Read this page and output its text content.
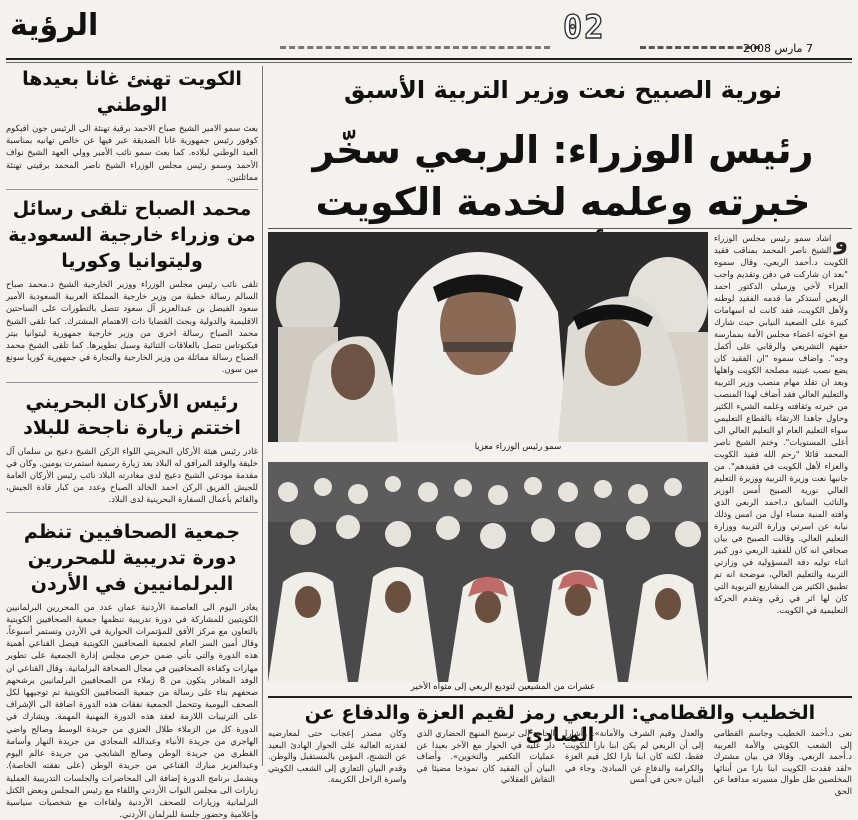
الرؤية	02
7 مارس 2008

الكويت تهنئ غانا بعيدها الوطني

بعث سمو الامير الشيخ صباح الاحمد برقية تهنئة الى الرئيس جون افيكوم كوفور رئيس جمهورية غانا الصديقة عبر فيها عن خالص تهانيه بمناسبة العيد الوطني لبلاده. كما بعث سمو نائب الأمير وولي العهد الشيخ نواف الأحمد وسمو رئيس مجلس الوزراء الشيخ ناصر المحمد برقيتي تهنئة مماثلتين.

محمد الصباح تلقى رسائل من وزراء خارجية السعودية وليتوانيا وكوريا

تلقى نائب رئيس مجلس الوزراء ووزير الخارجية الشيخ د.محمد صباح السالم رسالة خطية من وزير خارجية المملكة العربية السعودية الأمير سعود الفيصل بن عبدالعزيز آل سعود تتصل بالتطورات على الساحتين الاقليمية والدولية وبحث القضايا ذات الاهتمام المشترك. كما تلقى الشيخ محمد الصباح رسالة اخرى من وزير خارجية جمهورية ليتوانيا بيتر فيكتوتاس تتصل بالعلاقات الثنائية وسبل تطويرها. كما تلقى الشيخ محمد الصباح رسالة مماثلة من وزير الخارجية والتجارة في جمهورية كوريا سونغ مين سون.

رئيس الأركان البحريني اختتم زيارة ناجحة للبلاد

غادر رئيس هيئة الأركان البحريني اللواء الركن الشيخ دعيج بن سلمان آل خليفة والوفد المرافق له البلاد بعد زيارة رسمية استمرت يومين. وكان في مقدمة مودعي الشيخ دعيج لدى مغادرته البلاد نائب رئيس الأركان العامة للجيش الفريق الركن احمد الخالد الصباح وعدد من كبار قادة الجيش، والقائم بأعمال السفارة البحرينية لدى البلاد.

جمعية الصحافيين تنظم دورة تدريبية للمحررين البرلمانيين في الأردن

يغادر اليوم الى العاصمة الأردنية عمان عدد من المحررين البرلمانيين الكويتيين للمشاركة في دورة تدريبية تنظمها جمعية الصحافيين الكويتية بالتعاون مع مركز الأفق للمؤتمرات الحوارية في الأردن وتستمر أسبوعاً. وقال أمين السر العام لجمعية الصحافيين الكويتية فيصل القناعي أهمية هذه الدورة والتي تأتي ضمن حرص مجلس إدارة الجمعية على تطوير مهارات وكفاءة الصحافيين في مجال الصحافة البرلمانية. وقال القناعي ان الوفد المغادر يتكون من 8 زملاء من الصحافيين البرلمانيين يرشحهم صحفهم بناء على رسالة من جمعية الصحافيين الكويتية تم توجيهها لكل الصحف اليومية وتتحمل الجمعية نفقات هذه الدورة اضافة الى الإشراف على الترتيبات اللازمة لعقد هذه الدورة المهنية المهمة. ويشارك في الدورة كل من الزملاء طلال العنزي من جريدة الوسط وصالح واضي الهاجري من جريدة الأنباء وعبدالله المجادي من جريدة النهار وأسامة القطري من جريدة الوطن وصالح الشايجي من جريدة عالم اليوم وعبدالعزيز مبارك القناعي من جريدة الوطن (على نفقته الخاصة). ويشمل برنامج الدورة إضافة الى المحاضرات والجلسات التدريبية العملية زيارات الى مجلس النواب الأردني واللقاء مع رئيس المجلس وبعض الكتل البرلمانية وزيارات للصحف الأردنية ولقاءات مع شخصيات سياسية وإعلامية وحضور جلسة للبرلمان الأردني.

نورية الصبيح نعت وزير التربية الأسبق
رئيس الوزراء: الربعي سخّر خبرته وعلمه لخدمة الكويت
سمو رئيس الوزراء معزيا
عشرات من المشيعين لتوديع الربعي إلى مثواه الأخير
و
اشاد سمو رئيس مجلس الوزراء الشيخ ناصر المحمد بمناقب فقيد الكويت د.أحمد الربعي، وقال سموه "بعد ان شاركت في دفن وتقديم واجب العزاء لأخي وزميلي الدكتور احمد الربعي أستذكر ما قدمه الفقيد لوطنه ولأهل الكويت، فقد كانت له اسهامات كبيرة على الصعيد النيابي حيث شارك مع اخوته اعضاء مجلس الأمة بممارسة حقهم التشريعي والرقابي على أكمل وجه". واضاف سموه "ان الفقيد كان يضع نصب عينيه مصلحة الكويت واهلها وبعد ان تقلد مهام منصب وزير التربية والتعليم العالي فقد أضاف لهذا المنصب من خبرته وثقافته وعلمه الشيء الكثير وحاول جاهدا الارتقاء بالقطاع التعليمي سواء التعليم العام او التعليم العالي الى أعلى المستويات". وختم الشيخ ناصر المحمد قائلا "رحم الله فقيد الكويت والعزاء لأهل الكويت في فقيدهم". من جانبها نعت وزيرة التربية ووزيرة التعليم العالي نورية الصبيح أمس الوزير والنائب السابق د.احمد الربعي الذي وافته المنية مساء اول من امس وذلك نيابة عن اسرتي وزارة التربية ووزارة التعليم العالي. وقالت الصبيح في بيان صحافي انه كان للفقيد الربعي دور كبير اثناء توليه دفة المسؤولية في وزارتي التربية والتعليم العالي، موضحة انه تم تطبيق الكثير من المشاريع التربوية التي كان لها اثر في رقي وتقدم الحركة التعليمية في الكويت.
الخطيب والقطامي: الربعي رمز لقيم العزة والدفاع عن المبادئ	نعى د.أحمد الخطيب وجاسم القطامي إلى الشعب الكويتي والأمة العربية د.أحمد الربعي. وقالا في بيان مشترك «لقد فقدت الكويت ابنا بارا من أبنائها المخلصين ظل طوال مسيرته مدافعا عن الحق

والعدل وقيم الشرف والأمانة». وأشارا إلى أن الربعي لم يكن ابنا بارا للكويت فقط، لكنه كان ابنا بارا لكل قيم العزة والكرامة والدفاع عن المبادئ. وجاء في البيان «نحن في أمس

الحاجة إلى ترسيخ المنهج الحضاري الذي دار عليه في الحوار مع الآخر بعيدا عن عمليات التكفير والتخوين». وأضاف البيان أن الفقيد كان نموذجا مضيئا في النقاش العقلاني

وكان مصدر إعجاب حتى لمعارضيه لقدرته العالية على الحوار الهادئ البعيد عن التشنج، المؤمن بالمستقبل والوطن. وقدم البيان التعازي إلى الشعب الكويتي واسرة الراحل الكريمة.
